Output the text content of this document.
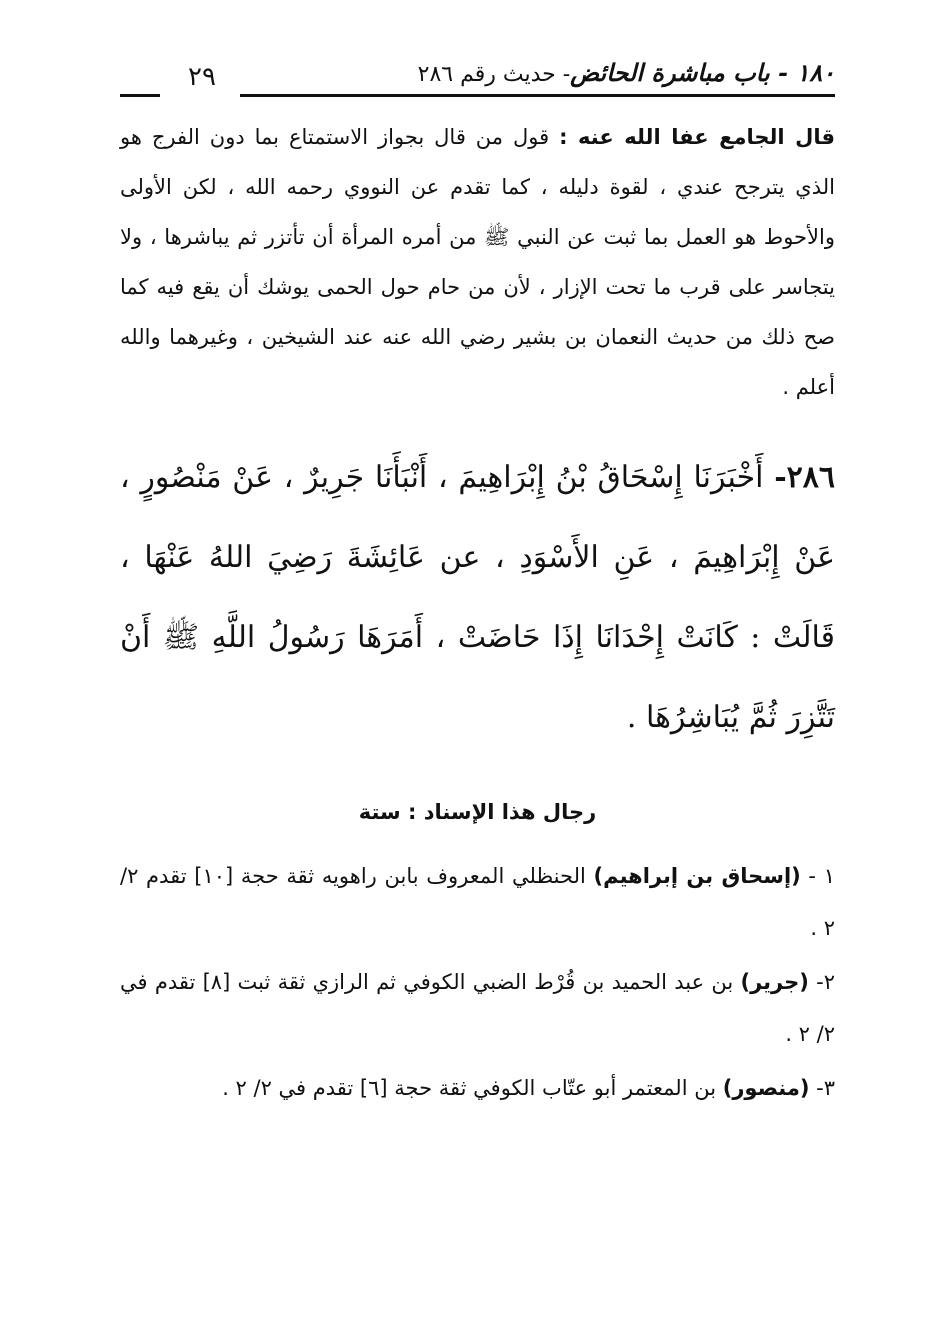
١٨٠ - باب مباشرة الحائض- حديث رقم ٢٨٦
٢٩
قال الجامع عفا الله عنه : قول من قال بجواز الاستمتاع بما دون الفرج هو الذي يترجح عندي ، لقوة دليله ، كما تقدم عن النووي رحمه الله ، لكن الأولى والأحوط هو العمل بما ثبت عن النبي ﷺ من أمره المرأة أن تأتزر ثم يباشرها ، ولا يتجاسر على قرب ما تحت الإزار ، لأن من حام حول الحمى يوشك أن يقع فيه كما صح ذلك من حديث النعمان بن بشير رضي الله عنه عند الشيخين ، وغيرهما والله أعلم .
٢٨٦- أَخْبَرَنَا إِسْحَاقُ بْنُ إِبْرَاهِيمَ ، أَنْبَأَنَا جَرِيرٌ ، عَنْ مَنْصُورٍ ، عَنْ إِبْرَاهِيمَ ، عَنِ الأَسْوَدِ ، عن عَائِشَةَ رَضِيَ اللهُ عَنْهَا ، قَالَتْ : كَانَتْ إِحْدَانَا إِذَا حَاضَتْ ، أَمَرَهَا رَسُولُ اللَّهِ ﷺ أَنْ تَتَّزِرَ ثُمَّ يُبَاشِرُهَا .
رجال هذا الإسناد : ستة
١ - (إسحاق بن إبراهيم) الحنظلي المعروف بابن راهويه ثقة حجة [١٠] تقدم ٢/ ٢ .
٢- (جرير) بن عبد الحميد بن قُرْط الضبي الكوفي ثم الرازي ثقة ثبت [٨] تقدم في ٢/ ٢ .
٣- (منصور) بن المعتمر أبو عتّاب الكوفي ثقة حجة [٦] تقدم في ٢/ ٢ .
